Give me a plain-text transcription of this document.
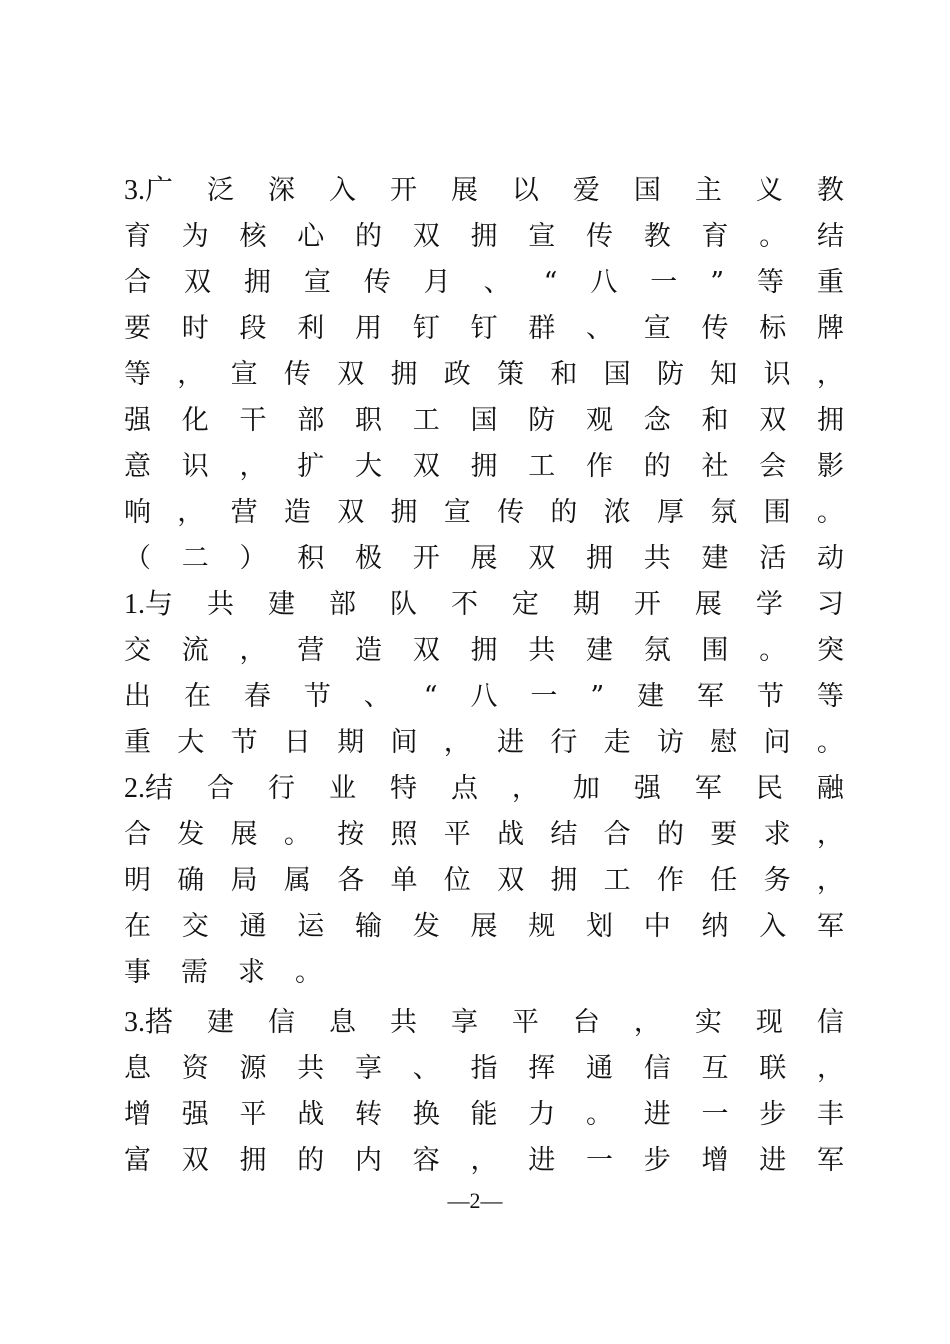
3.广 泛 深 入 开 展 以 爱 国 主 义 教
育 为 核 心 的 双 拥 宣 传 教 育 。 结
合 双 拥 宣 传 月 、 “ 八 一 ” 等 重
要 时 段 利 用 钉 钉 群 、 宣 传 标 牌
等 ， 宣 传 双 拥 政 策 和 国 防 知 识 ，
强 化 干 部 职 工 国 防 观 念 和 双 拥
意 识 ， 扩 大 双 拥 工 作 的 社 会 影
响 ， 营 造 双 拥 宣 传 的 浓 厚 氛 围 。
（ 二 ） 积 极 开 展 双 拥 共 建 活 动
1.与 共 建 部 队 不 定 期 开 展 学 习
交 流 ， 营 造 双 拥 共 建 氛 围 。 突
出 在 春 节 、 “ 八 一 ” 建 军 节 等
重 大 节 日 期 间 ， 进 行 走 访 慰 问 。
2.结 合 行 业 特 点 ， 加 强 军 民 融
合 发 展 。 按 照 平 战 结 合 的 要 求 ，
明 确 局 属 各 单 位 双 拥 工 作 任 务 ，
在 交 通 运 输 发 展 规 划 中 纳 入 军
事 需 求 。
3.搭 建 信 息 共 享 平 台 ， 实 现 信
息 资 源 共 享 、 指 挥 通 信 互 联 ，
增 强 平 战 转 换 能 力 。 进 一 步 丰
富 双 拥 的 内 容 ， 进 一 步 增 进 军
—2—
